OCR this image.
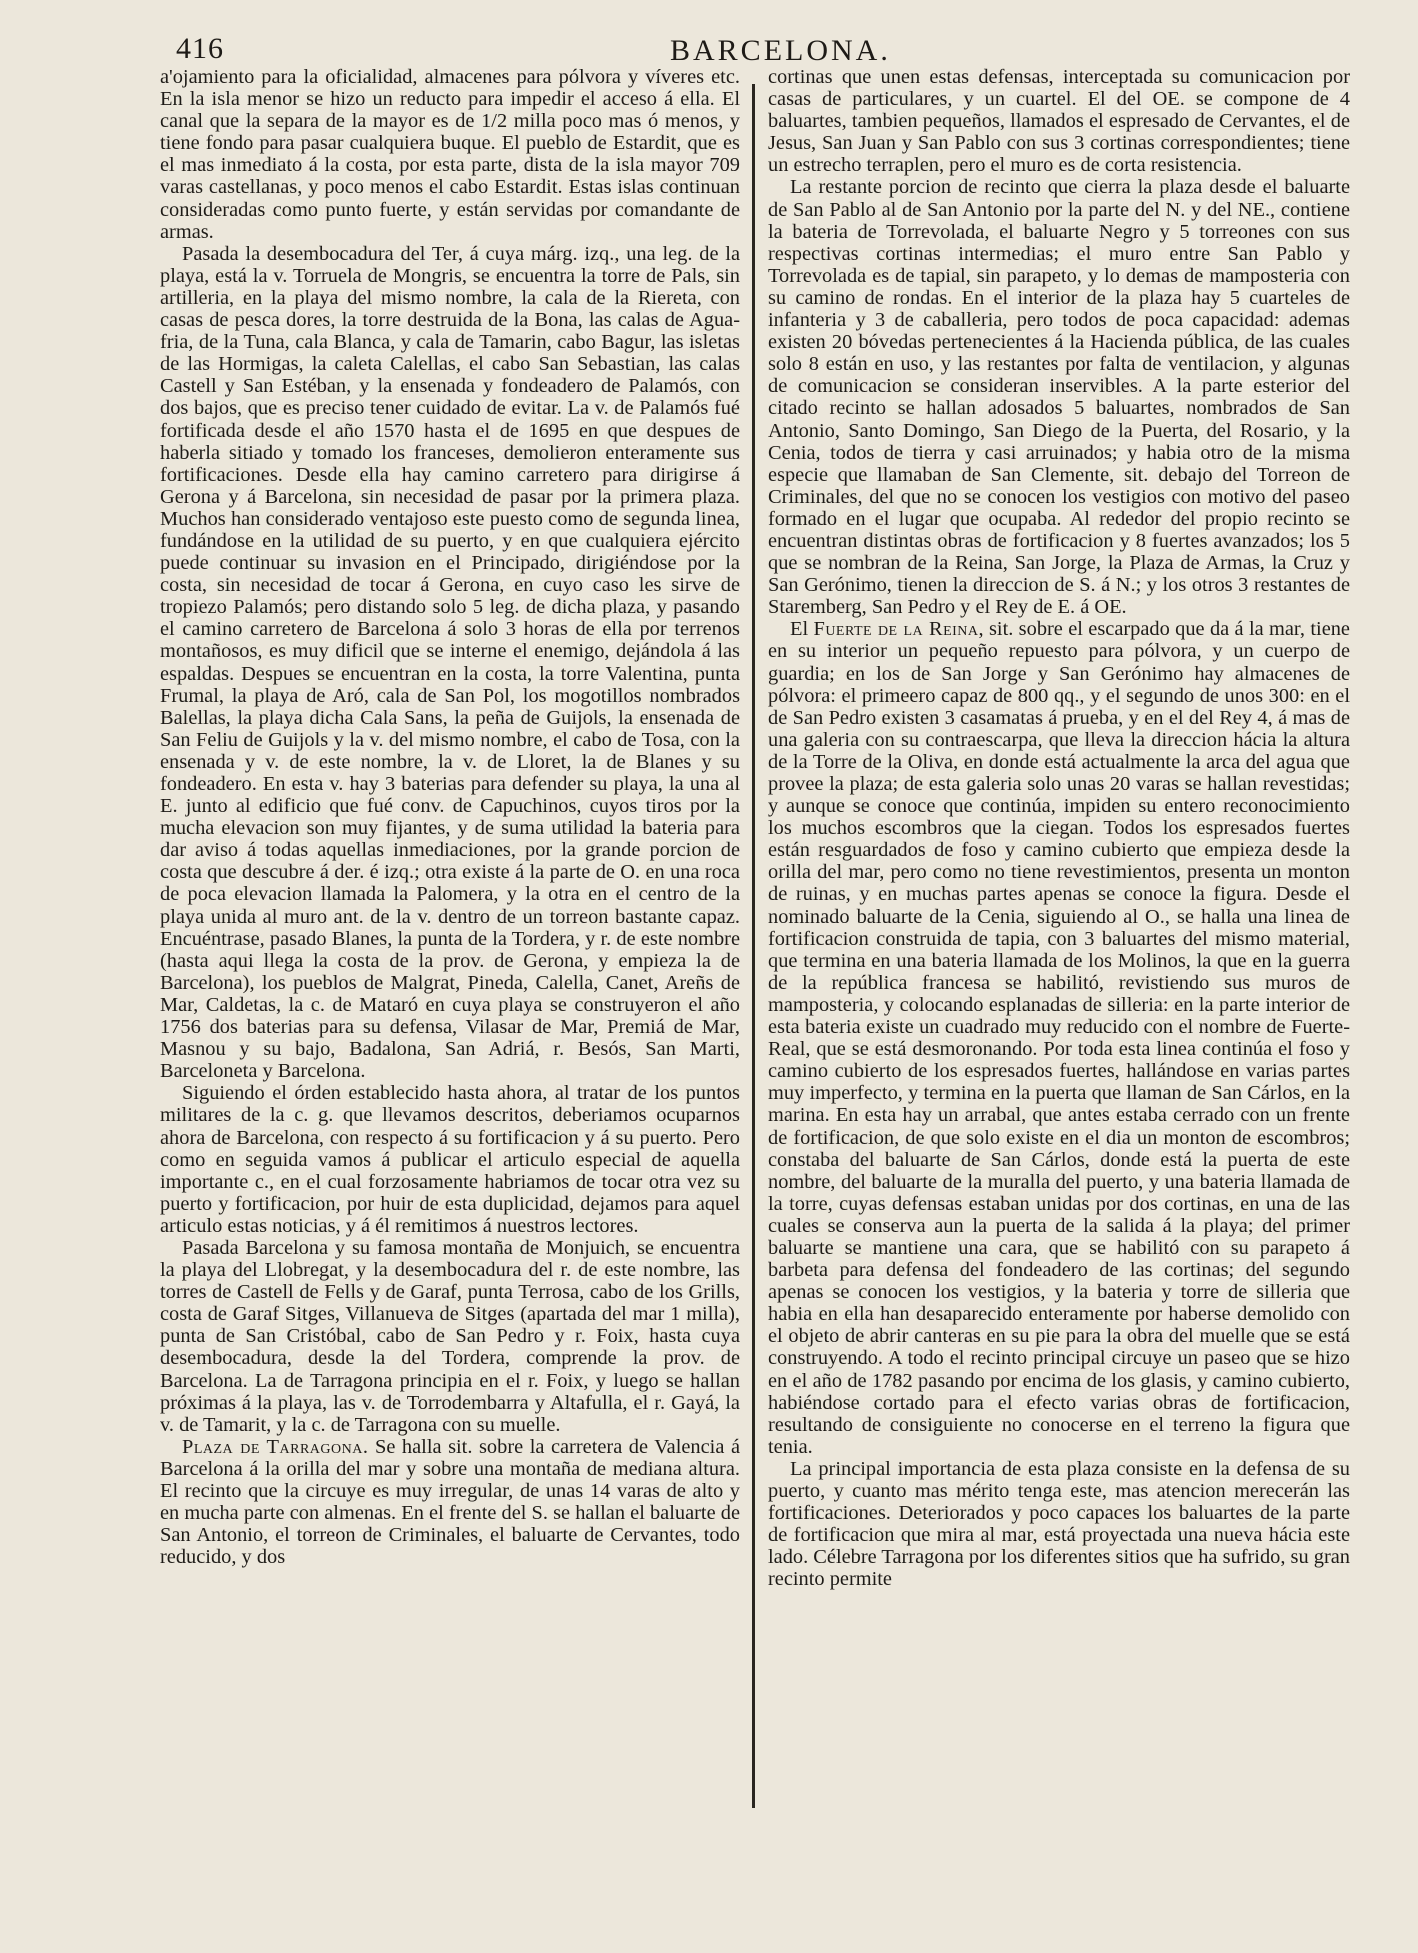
416	BARCELONA.

a'ojamiento para la oficialidad, almacenes para pólvora y víveres etc. En la isla menor se hizo un reducto para impedir el acceso á ella. El canal que la separa de la mayor es de 1/2 milla poco mas ó menos, y tiene fondo para pasar cualquiera buque. El pueblo de Estardit, que es el mas inmediato á la costa, por esta parte, dista de la isla mayor 709 varas castellanas, y poco menos el cabo Estardit. Estas islas continuan consideradas como punto fuerte, y están servidas por comandante de armas.

Pasada la desembocadura del Ter, á cuya márg. izq., una leg. de la playa, está la v. Torruela de Mongris, se encuentra la torre de Pals, sin artilleria, en la playa del mismo nombre, la cala de la Riereta, con casas de pesca dores, la torre destruida de la Bona, las calas de Agua-fria, de la Tuna, cala Blanca, y cala de Tamarin, cabo Bagur, las isletas de las Hormigas, la caleta Calellas, el cabo San Sebastian, las calas Castell y San Estéban, y la ensenada y fondeadero de Palamós, con dos bajos, que es preciso tener cuidado de evitar. La v. de Palamós fué fortificada desde el año 1570 hasta el de 1695 en que despues de haberla sitiado y tomado los franceses, demolieron enteramente sus fortificaciones. Desde ella hay camino carretero para dirigirse á Gerona y á Barcelona, sin necesidad de pasar por la primera plaza. Muchos han considerado ventajoso este puesto como de segunda linea, fundándose en la utilidad de su puerto, y en que cualquiera ejército puede continuar su invasion en el Principado, dirigiéndose por la costa, sin necesidad de tocar á Gerona, en cuyo caso les sirve de tropiezo Palamós; pero distando solo 5 leg. de dicha plaza, y pasando el camino carretero de Barcelona á solo 3 horas de ella por terrenos montañosos, es muy dificil que se interne el enemigo, dejándola á las espaldas. Despues se encuentran en la costa, la torre Valentina, punta Frumal, la playa de Aró, cala de San Pol, los mogotillos nombrados Balellas, la playa dicha Cala Sans, la peña de Guijols, la ensenada de San Feliu de Guijols y la v. del mismo nombre, el cabo de Tosa, con la ensenada y v. de este nombre, la v. de Lloret, la de Blanes y su fondeadero. En esta v. hay 3 baterias para defender su playa, la una al E. junto al edificio que fué conv. de Capuchinos, cuyos tiros por la mucha elevacion son muy fijantes, y de suma utilidad la bateria para dar aviso á todas aquellas inmediaciones, por la grande porcion de costa que descubre á der. é izq.; otra existe á la parte de O. en una roca de poca elevacion llamada la Palomera, y la otra en el centro de la playa unida al muro ant. de la v. dentro de un torreon bastante capaz. Encuéntrase, pasado Blanes, la punta de la Tordera, y r. de este nombre (hasta aqui llega la costa de la prov. de Gerona, y empieza la de Barcelona), los pueblos de Malgrat, Pineda, Calella, Canet, Areñs de Mar, Caldetas, la c. de Mataró en cuya playa se construyeron el año 1756 dos baterias para su defensa, Vilasar de Mar, Premiá de Mar, Masnou y su bajo, Badalona, San Adriá, r. Besós, San Marti, Barceloneta y Barcelona.

Siguiendo el órden establecido hasta ahora, al tratar de los puntos militares de la c. g. que llevamos descritos, deberiamos ocuparnos ahora de Barcelona, con respecto á su fortificacion y á su puerto. Pero como en seguida vamos á publicar el articulo especial de aquella importante c., en el cual forzosamente habriamos de tocar otra vez su puerto y fortificacion, por huir de esta duplicidad, dejamos para aquel articulo estas noticias, y á él remitimos á nuestros lectores.

Pasada Barcelona y su famosa montaña de Monjuich, se encuentra la playa del Llobregat, y la desembocadura del r. de este nombre, las torres de Castell de Fells y de Garaf, punta Terrosa, cabo de los Grills, costa de Garaf Sitges, Villanueva de Sitges (apartada del mar 1 milla), punta de San Cristóbal, cabo de San Pedro y r. Foix, hasta cuya desembocadura, desde la del Tordera, comprende la prov. de Barcelona. La de Tarragona principia en el r. Foix, y luego se hallan próximas á la playa, las v. de Torrodembarra y Altafulla, el r. Gayá, la v. de Tamarit, y la c. de Tarragona con su muelle.

Plaza de Tarragona. Se halla sit. sobre la carretera de Valencia á Barcelona á la orilla del mar y sobre una montaña de mediana altura. El recinto que la circuye es muy irregular, de unas 14 varas de alto y en mucha parte con almenas. En el frente del S. se hallan el baluarte de San Antonio, el torreon de Criminales, el baluarte de Cervantes, todo reducido, y dos

cortinas que unen estas defensas, interceptada su comunicacion por casas de particulares, y un cuartel. El del OE. se compone de 4 baluartes, tambien pequeños, llamados el espresado de Cervantes, el de Jesus, San Juan y San Pablo con sus 3 cortinas correspondientes; tiene un estrecho terraplen, pero el muro es de corta resistencia.

La restante porcion de recinto que cierra la plaza desde el baluarte de San Pablo al de San Antonio por la parte del N. y del NE., contiene la bateria de Torrevolada, el baluarte Negro y 5 torreones con sus respectivas cortinas intermedias; el muro entre San Pablo y Torrevolada es de tapial, sin parapeto, y lo demas de mamposteria con su camino de rondas. En el interior de la plaza hay 5 cuarteles de infanteria y 3 de caballeria, pero todos de poca capacidad: ademas existen 20 bóvedas pertenecientes á la Hacienda pública, de las cuales solo 8 están en uso, y las restantes por falta de ventilacion, y algunas de comunicacion se consideran inservibles. A la parte esterior del citado recinto se hallan adosados 5 baluartes, nombrados de San Antonio, Santo Domingo, San Diego de la Puerta, del Rosario, y la Cenia, todos de tierra y casi arruinados; y habia otro de la misma especie que llamaban de San Clemente, sit. debajo del Torreon de Criminales, del que no se conocen los vestigios con motivo del paseo formado en el lugar que ocupaba. Al rededor del propio recinto se encuentran distintas obras de fortificacion y 8 fuertes avanzados; los 5 que se nombran de la Reina, San Jorge, la Plaza de Armas, la Cruz y San Gerónimo, tienen la direccion de S. á N.; y los otros 3 restantes de Staremberg, San Pedro y el Rey de E. á OE.

El Fuerte de la Reina, sit. sobre el escarpado que da á la mar, tiene en su interior un pequeño repuesto para pólvora, y un cuerpo de guardia; en los de San Jorge y San Gerónimo hay almacenes de pólvora: el primeero capaz de 800 qq., y el segundo de unos 300: en el de San Pedro existen 3 casamatas á prueba, y en el del Rey 4, á mas de una galeria con su contraescarpa, que lleva la direccion hácia la altura de la Torre de la Oliva, en donde está actualmente la arca del agua que provee la plaza; de esta galeria solo unas 20 varas se hallan revestidas; y aunque se conoce que continúa, impiden su entero reconocimiento los muchos escombros que la ciegan. Todos los espresados fuertes están resguardados de foso y camino cubierto que empieza desde la orilla del mar, pero como no tiene revestimientos, presenta un monton de ruinas, y en muchas partes apenas se conoce la figura. Desde el nominado baluarte de la Cenia, siguiendo al O., se halla una linea de fortificacion construida de tapia, con 3 baluartes del mismo material, que termina en una bateria llamada de los Molinos, la que en la guerra de la república francesa se habilitó, revistiendo sus muros de mamposteria, y colocando esplanadas de silleria: en la parte interior de esta bateria existe un cuadrado muy reducido con el nombre de Fuerte-Real, que se está desmoronando. Por toda esta linea continúa el foso y camino cubierto de los espresados fuertes, hallándose en varias partes muy imperfecto, y termina en la puerta que llaman de San Cárlos, en la marina. En esta hay un arrabal, que antes estaba cerrado con un frente de fortificacion, de que solo existe en el dia un monton de escombros; constaba del baluarte de San Cárlos, donde está la puerta de este nombre, del baluarte de la muralla del puerto, y una bateria llamada de la torre, cuyas defensas estaban unidas por dos cortinas, en una de las cuales se conserva aun la puerta de la salida á la playa; del primer baluarte se mantiene una cara, que se habilitó con su parapeto á barbeta para defensa del fondeadero de las cortinas; del segundo apenas se conocen los vestigios, y la bateria y torre de silleria que habia en ella han desaparecido enteramente por haberse demolido con el objeto de abrir canteras en su pie para la obra del muelle que se está construyendo. A todo el recinto principal circuye un paseo que se hizo en el año de 1782 pasando por encima de los glasis, y camino cubierto, habiéndose cortado para el efecto varias obras de fortificacion, resultando de consiguiente no conocerse en el terreno la figura que tenia.

La principal importancia de esta plaza consiste en la defensa de su puerto, y cuanto mas mérito tenga este, mas atencion merecerán las fortificaciones. Deteriorados y poco capaces los baluartes de la parte de fortificacion que mira al mar, está proyectada una nueva hácia este lado. Célebre Tarragona por los diferentes sitios que ha sufrido, su gran recinto permite
